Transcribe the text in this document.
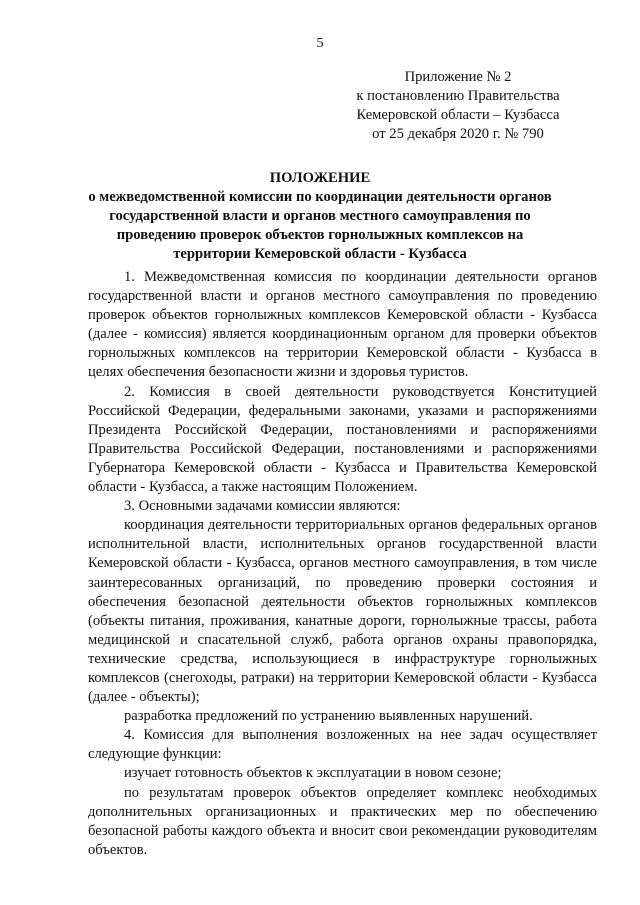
5
Приложение № 2
к постановлению Правительства
Кемеровской области – Кузбасса
от 25 декабря 2020 г. № 790
ПОЛОЖЕНИЕ
о межведомственной комиссии по координации деятельности органов
государственной власти и органов местного самоуправления по
проведению проверок объектов горнолыжных комплексов на
территории Кемеровской области - Кузбасса

1. Межведомственная комиссия по координации деятельности органов государственной власти и органов местного самоуправления по проведению проверок объектов горнолыжных комплексов Кемеровской области - Кузбасса (далее - комиссия) является координационным органом для проверки объектов горнолыжных комплексов на территории Кемеровской области - Кузбасса в целях обеспечения безопасности жизни и здоровья туристов.

2. Комиссия в своей деятельности руководствуется Конституцией Российской Федерации, федеральными законами, указами и распоряжениями Президента Российской Федерации, постановлениями и распоряжениями Правительства Российской Федерации, постановлениями и распоряжениями Губернатора Кемеровской области - Кузбасса и Правительства Кемеровской области - Кузбасса, а также настоящим Положением.

3. Основными задачами комиссии являются:

координация деятельности территориальных органов федеральных органов исполнительной власти, исполнительных органов государственной власти Кемеровской области - Кузбасса, органов местного самоуправления, в том числе заинтересованных организаций, по проведению проверки состояния и обеспечения безопасной деятельности объектов горнолыжных комплексов (объекты питания, проживания, канатные дороги, горнолыжные трассы, работа медицинской и спасательной служб, работа органов охраны правопорядка, технические средства, использующиеся в инфраструктуре горнолыжных комплексов (снегоходы, ратраки) на территории Кемеровской области - Кузбасса (далее - объекты);

разработка предложений по устранению выявленных нарушений.

4. Комиссия для выполнения возложенных на нее задач осуществляет следующие функции:

изучает готовность объектов к эксплуатации в новом сезоне;

по результатам проверок объектов определяет комплекс необходимых дополнительных организационных и практических мер по обеспечению безопасной работы каждого объекта и вносит свои рекомендации руководителям объектов.
